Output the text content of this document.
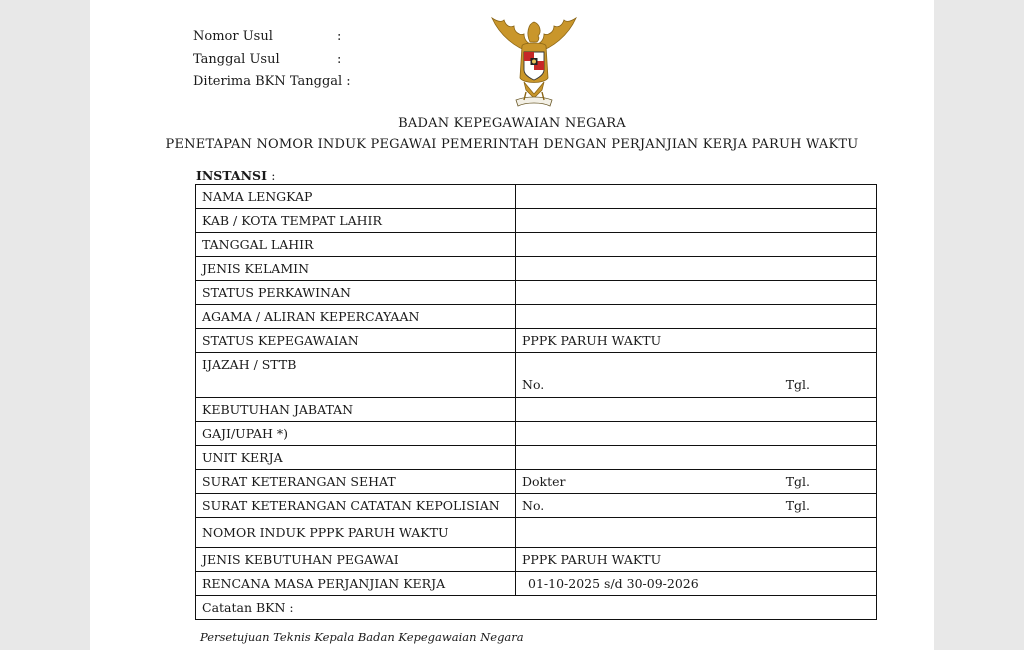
Nomor Usul	:
Tanggal Usul	:
Diterima BKN Tanggal :
BADAN KEPEGAWAIAN NEGARA
PENETAPAN NOMOR INDUK PEGAWAI PEMERINTAH DENGAN PERJANJIAN KERJA PARUH WAKTU
INSTANSI :
NAMA LENGKAP	
KAB / KOTA TEMPAT LAHIR	
TANGGAL LAHIR	
JENIS KELAMIN	
STATUS PERKAWINAN	
AGAMA / ALIRAN KEPERCAYAAN	
STATUS KEPEGAWAIAN	PPPK PARUH WAKTU
IJAZAH / STTB	No. Tgl.

KEBUTUHAN JABATAN	
GAJI/UPAH *)	
UNIT KERJA	
SURAT KETERANGAN SEHAT	Dokter Tgl.

SURAT KETERANGAN CATATAN KEPOLISIAN	No. Tgl.

NOMOR INDUK PPPK PARUH WAKTU	
JENIS KEBUTUHAN PEGAWAI	PPPK PARUH WAKTU
RENCANA MASA PERJANJIAN KERJA	01-10-2025 s/d 30-09-2026
Catatan BKN :	
Persetujuan Teknis Kepala Badan Kepegawaian Negara
